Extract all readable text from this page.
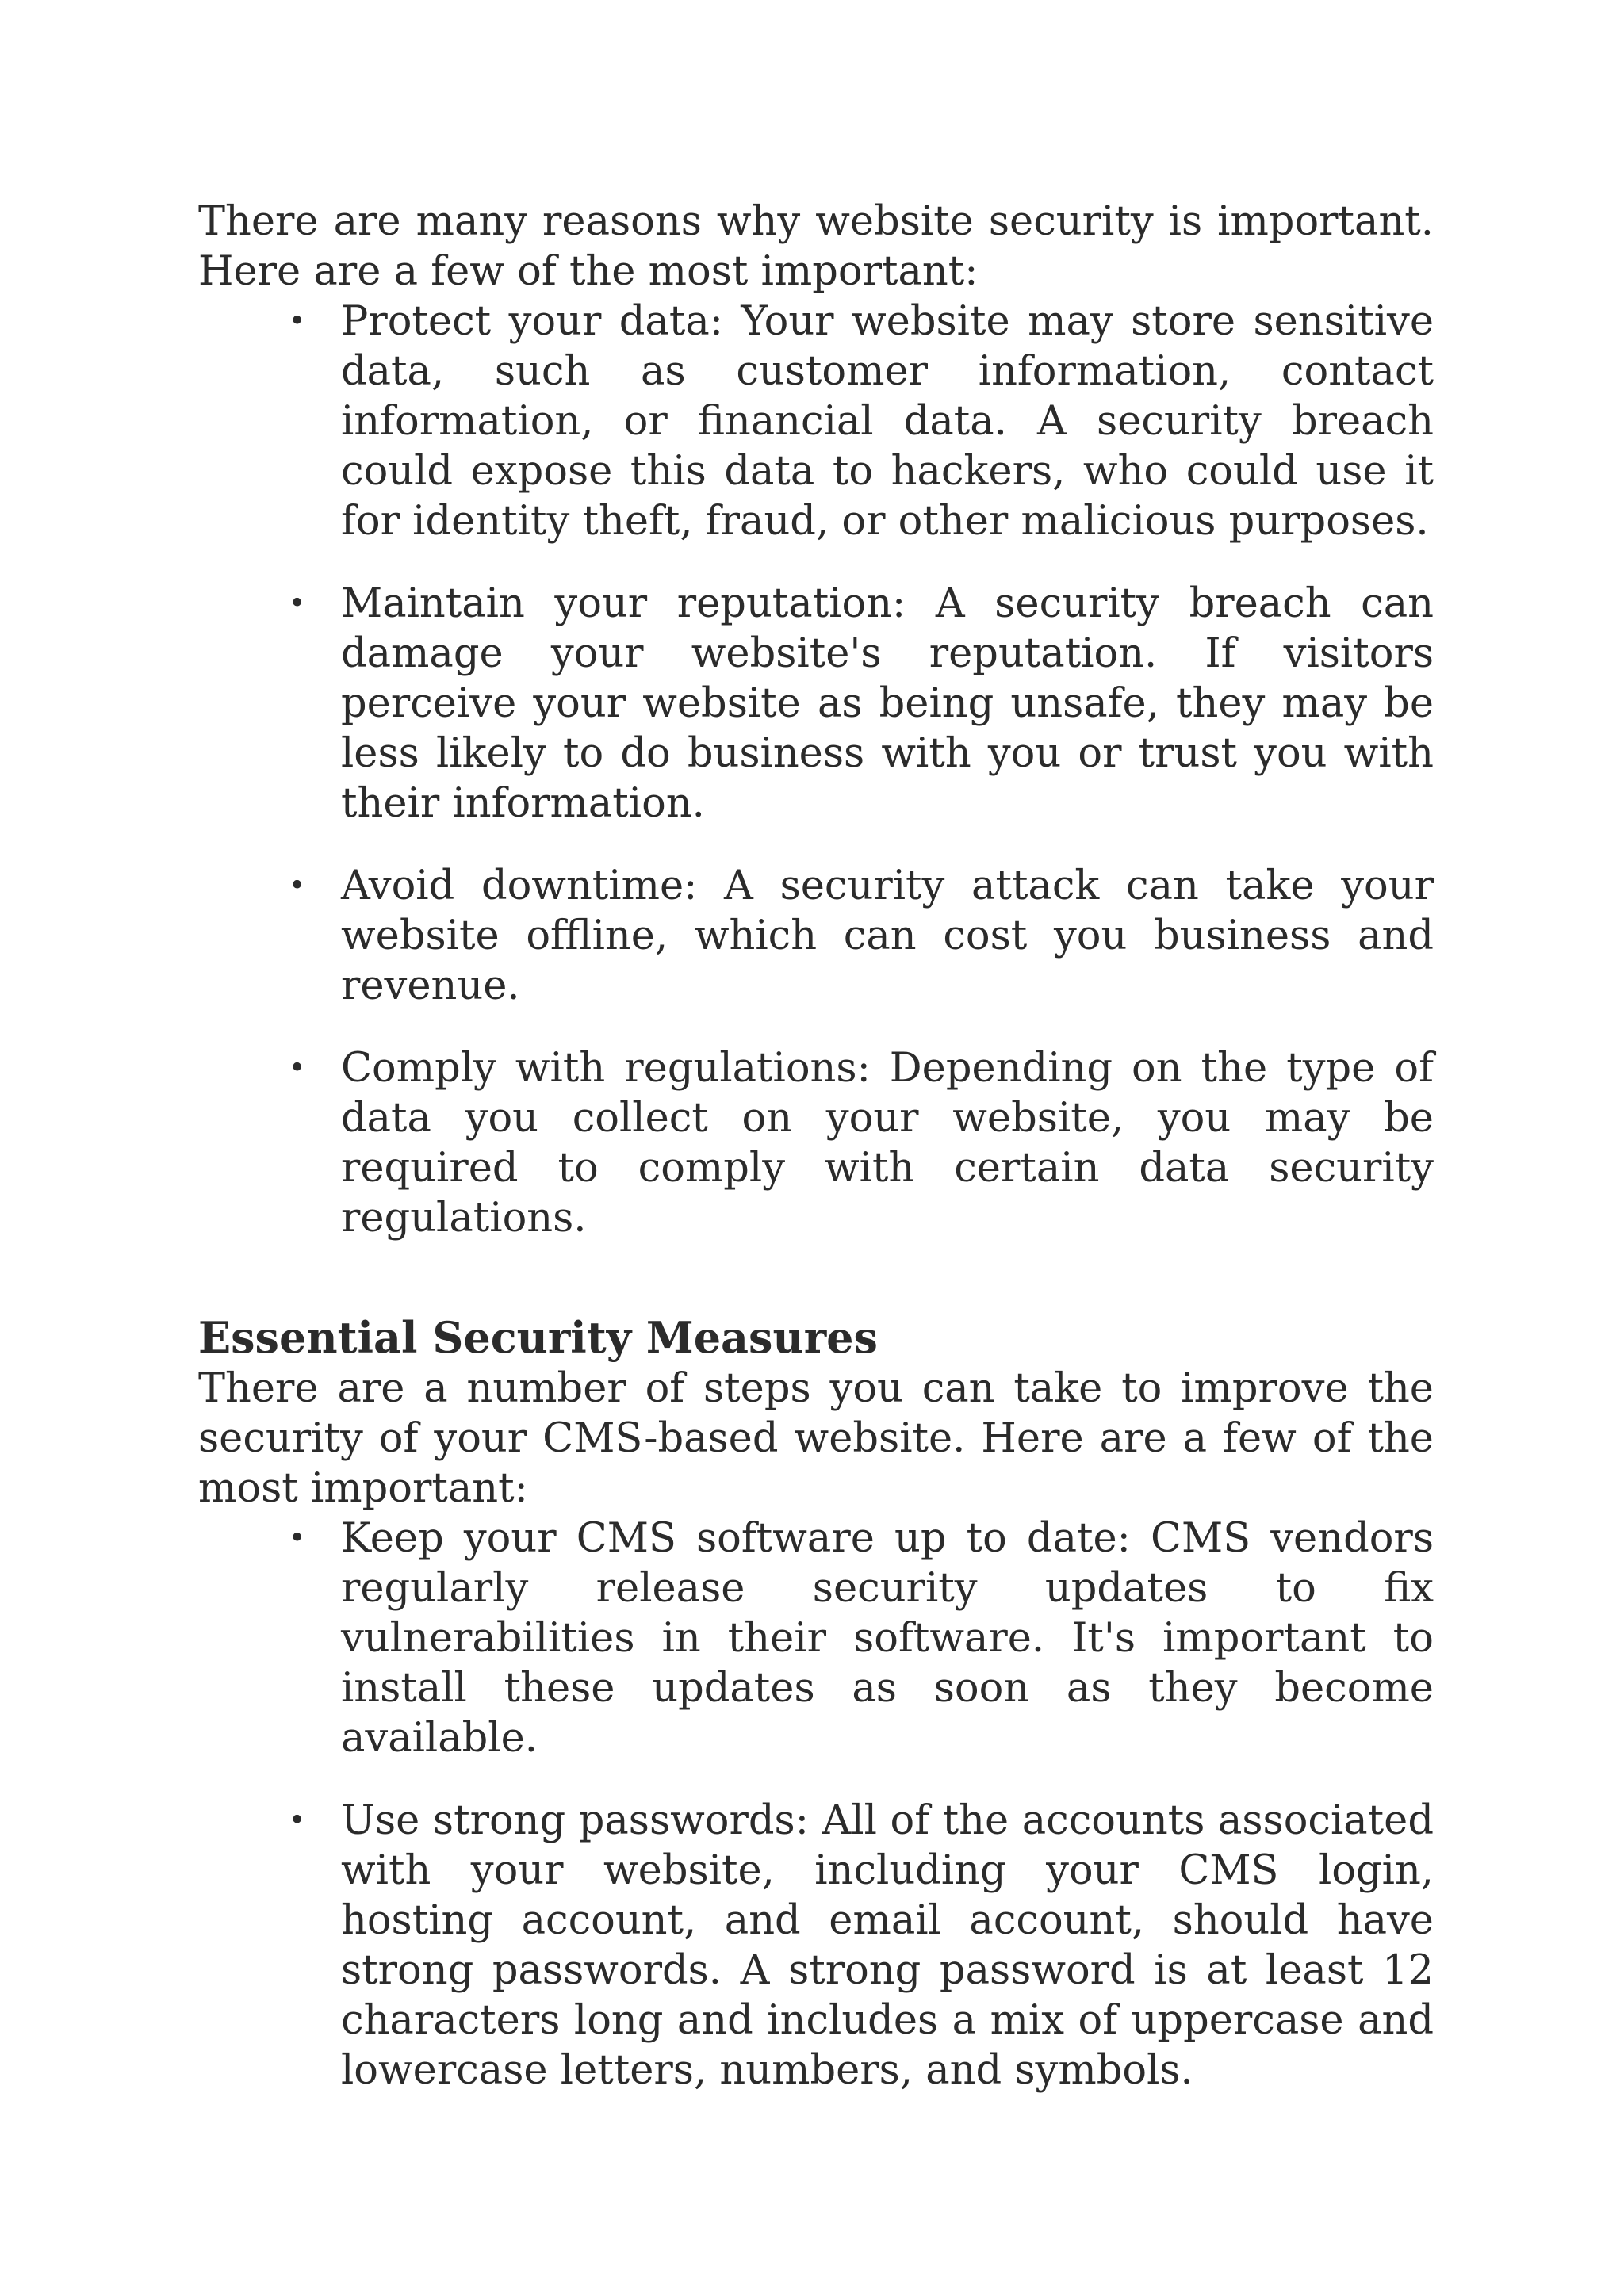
There are many reasons why website security is important. Here are a few of the most important:

• Protect your data: Your website may store sensitive data, such as customer information, contact information, or financial data. A security breach could expose this data to hackers, who could use it for identity theft, fraud, or other malicious purposes.
• Maintain your reputation: A security breach can damage your website's reputation. If visitors perceive your website as being unsafe, they may be less likely to do business with you or trust you with their information.
• Avoid downtime: A security attack can take your website offline, which can cost you business and revenue.
• Comply with regulations: Depending on the type of data you collect on your website, you may be required to comply with certain data security regulations.
Essential Security Measures

There are a number of steps you can take to improve the security of your CMS-based website. Here are a few of the most important:

• Keep your CMS software up to date: CMS vendors regularly release security updates to fix vulnerabilities in their software. It's important to install these updates as soon as they become available.
• Use strong passwords: All of the accounts associated with your website, including your CMS login, hosting account, and email account, should have strong passwords. A strong password is at least 12 characters long and includes a mix of uppercase and lowercase letters, numbers, and symbols.
